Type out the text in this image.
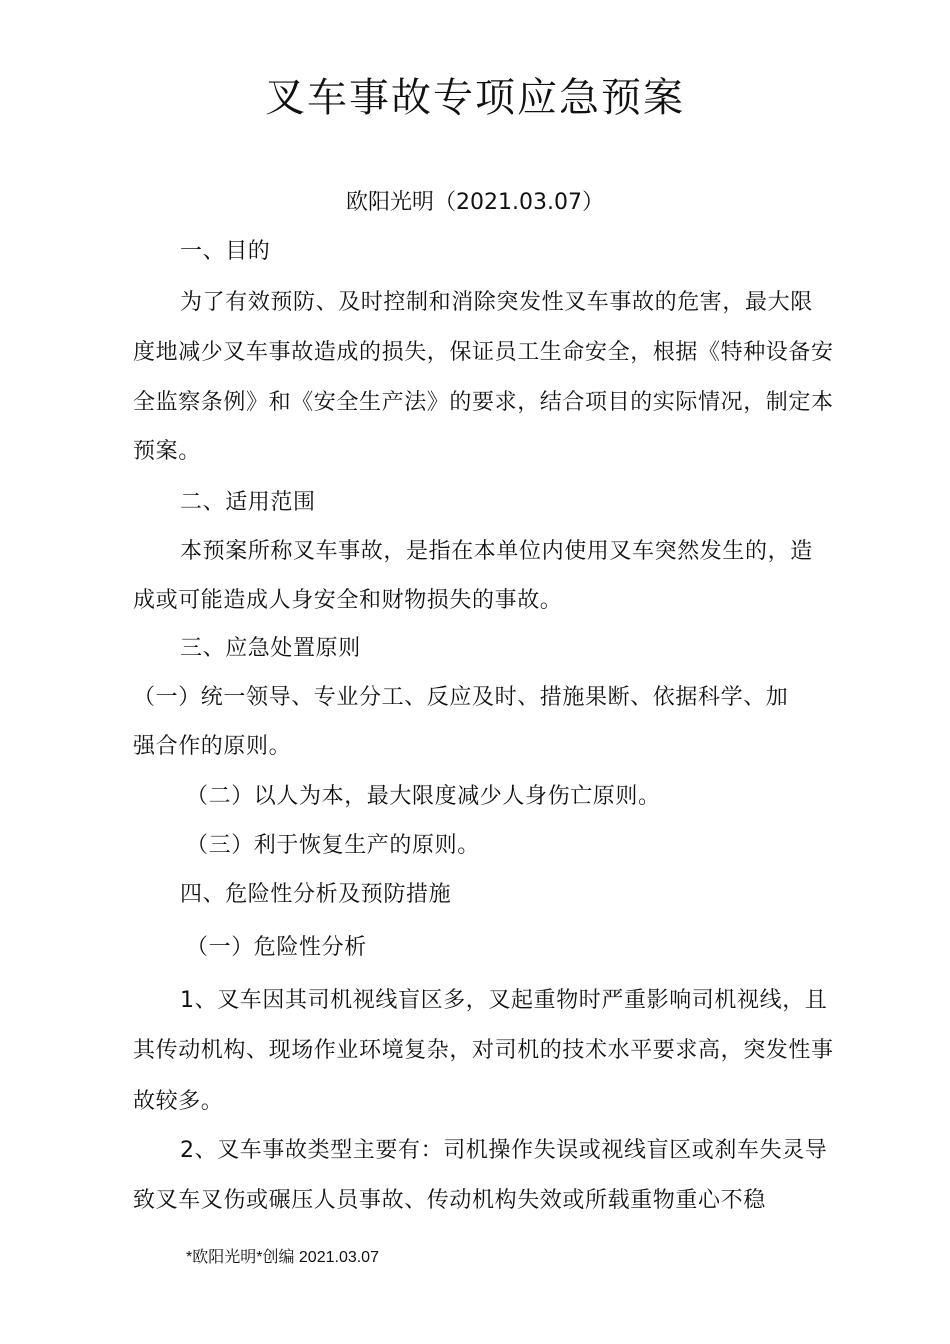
叉车事故专项应急预案
欧阳光明（2021.03.07）
一、目的
为了有效预防、及时控制和消除突发性叉车事故的危害，最大限
度地减少叉车事故造成的损失，保证员工生命安全，根据《特种设备安
全监察条例》和《安全生产法》的要求，结合项目的实际情况，制定本
预案。
二、适用范围
本预案所称叉车事故，是指在本单位内使用叉车突然发生的，造
成或可能造成人身安全和财物损失的事故。
三、应急处置原则
（一）统一领导、专业分工、反应及时、措施果断、依据科学、加
强合作的原则。
（二）以人为本，最大限度减少人身伤亡原则。
（三）利于恢复生产的原则。
四、危险性分析及预防措施
（一）危险性分析
1、叉车因其司机视线盲区多，叉起重物时严重影响司机视线，且
其传动机构、现场作业环境复杂，对司机的技术水平要求高，突发性事
故较多。
2、叉车事故类型主要有：司机操作失误或视线盲区或刹车失灵导
致叉车叉伤或碾压人员事故、传动机构失效或所载重物重心不稳
*欧阳光明*创编 2021.03.07
